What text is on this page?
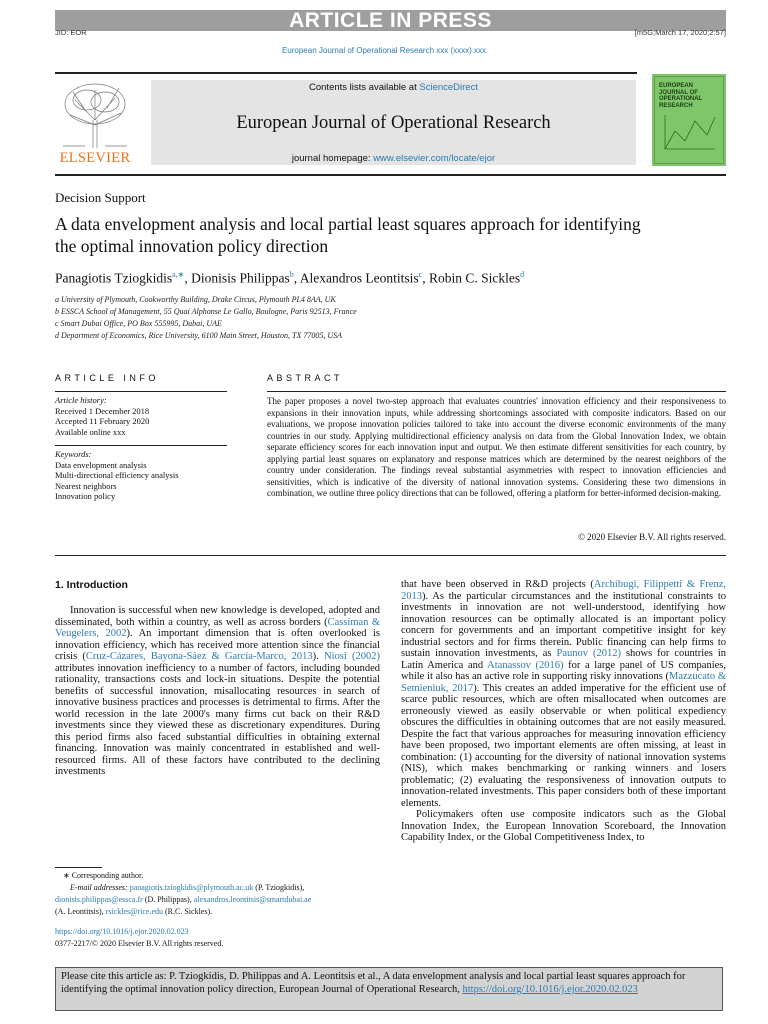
ARTICLE IN PRESS
JID: EOR	[m5G;March 17, 2020;2:57]
European Journal of Operational Research xxx (xxxx) xxx
ELSEVIER
Contents lists available at ScienceDirect
European Journal of Operational Research
journal homepage: www.elsevier.com/locate/ejor
EUROPEAN JOURNAL OF OPERATIONAL RESEARCH
Decision Support
A data envelopment analysis and local partial least squares approach for identifying the optimal innovation policy direction
Panagiotis Tziogkidis$^{a,∗}$, Dionisis Philippas$^b$, Alexandros Leontitsis$^c$, Robin C. Sickles$^d$
a University of Plymouth, Cookworthy Building, Drake Circus, Plymouth PL4 8AA, UK
b ESSCA School of Management, 55 Quai Alphonse Le Gallo, Boulogne, Paris 92513, France
c Smart Dubai Office, PO Box 555995, Dubai, UAE
d Department of Economics, Rice University, 6100 Main Street, Houston, TX 77005, USA
ARTICLE INFO	ABSTRACT
Article history:
Received 1 December 2018
Accepted 11 February 2020
Available online xxx
Keywords:
Data envelopment analysis
Multi-directional efficiency analysis
Nearest neighbors
Innovation policy
The paper proposes a novel two-step approach that evaluates countries' innovation efficiency and their responsiveness to expansions in their innovation inputs, while addressing shortcomings associated with composite indicators. Based on our evaluations, we propose innovation policies tailored to take into account the diverse economic environments of the many countries in our study. Applying multidirectional efficiency analysis on data from the Global Innovation Index, we obtain separate efficiency scores for each innovation input and output. We then estimate different sensitivities for each country, by applying partial least squares on explanatory and response matrices which are determined by the nearest neighbors of the country under consideration. The findings reveal substantial asymmetries with respect to innovation efficiencies and sensitivities, which is indicative of the diversity of national innovation systems. Considering these two dimensions in combination, we outline three policy directions that can be followed, offering a platform for better-informed decision-making.
© 2020 Elsevier B.V. All rights reserved.
1. Introduction

Innovation is successful when new knowledge is developed, adopted and disseminated, both within a country, as well as across borders (Cassiman & Veugelers, 2002). An important dimension that is often overlooked is innovation efficiency, which has received more attention since the financial crisis (Cruz-Cázares, Bayona-Sáez & García-Marco, 2013). Niosi (2002) attributes innovation inefficiency to a number of factors, including bounded rationality, transactions costs and lock-in situations. Despite the potential benefits of successful innovation, misallocating resources in search of innovative business practices and processes is detrimental to firms. After the world recession in the late 2000's many firms cut back on their R&D investments since they viewed these as discretionary expenditures. During this period firms also faced substantial difficulties in obtaining external financing. Innovation was mainly concentrated in established and well-resourced firms. All of these factors have contributed to the declining investments

that have been observed in R&D projects (Archibugi, Filippetti & Frenz, 2013). As the particular circumstances and the institutional constraints to investments in innovation are not well-understood, identifying how innovation resources can be optimally allocated is an important policy concern for governments and an important competitive insight for key industrial sectors and for firms therein. Public financing can help firms to sustain innovation investments, as Paunov (2012) shows for countries in Latin America and Atanassov (2016) for a large panel of US companies, while it also has an active role in supporting risky innovations (Mazzucato & Semieniuk, 2017). This creates an added imperative for the efficient use of scarce public resources, which are often misallocated when outcomes are erroneously viewed as easily observable or when political expediency obscures the difficulties in obtaining outcomes that are not easily measured. Despite the fact that various approaches for measuring innovation efficiency have been proposed, two important elements are often missing, at least in combination: (1) accounting for the diversity of national innovation systems (NIS), which makes benchmarking or ranking winners and losers problematic; (2) evaluating the responsiveness of innovation outputs to innovation-related investments. This paper considers both of these important elements.

Policymakers often use composite indicators such as the Global Innovation Index, the European Innovation Scoreboard, the Innovation Capability Index, or the Global Competitiveness Index, to

∗ Corresponding author.
E-mail addresses: panagiotis.tziogkidis@plymouth.ac.uk (P. Tziogkidis),
dionisis.philippas@essca.fr (D. Philippas), alexandros.leontitsis@smartdubai.ae
(A. Leontitsis), rsickles@rice.edu (R.C. Sickles).
https://doi.org/10.1016/j.ejor.2020.02.023
0377-2217/© 2020 Elsevier B.V. All rights reserved.
Please cite this article as: P. Tziogkidis, D. Philippas and A. Leontitsis et al., A data envelopment analysis and local partial least squares approach for identifying the optimal innovation policy direction, European Journal of Operational Research, https://doi.org/10.1016/j.ejor.2020.02.023
